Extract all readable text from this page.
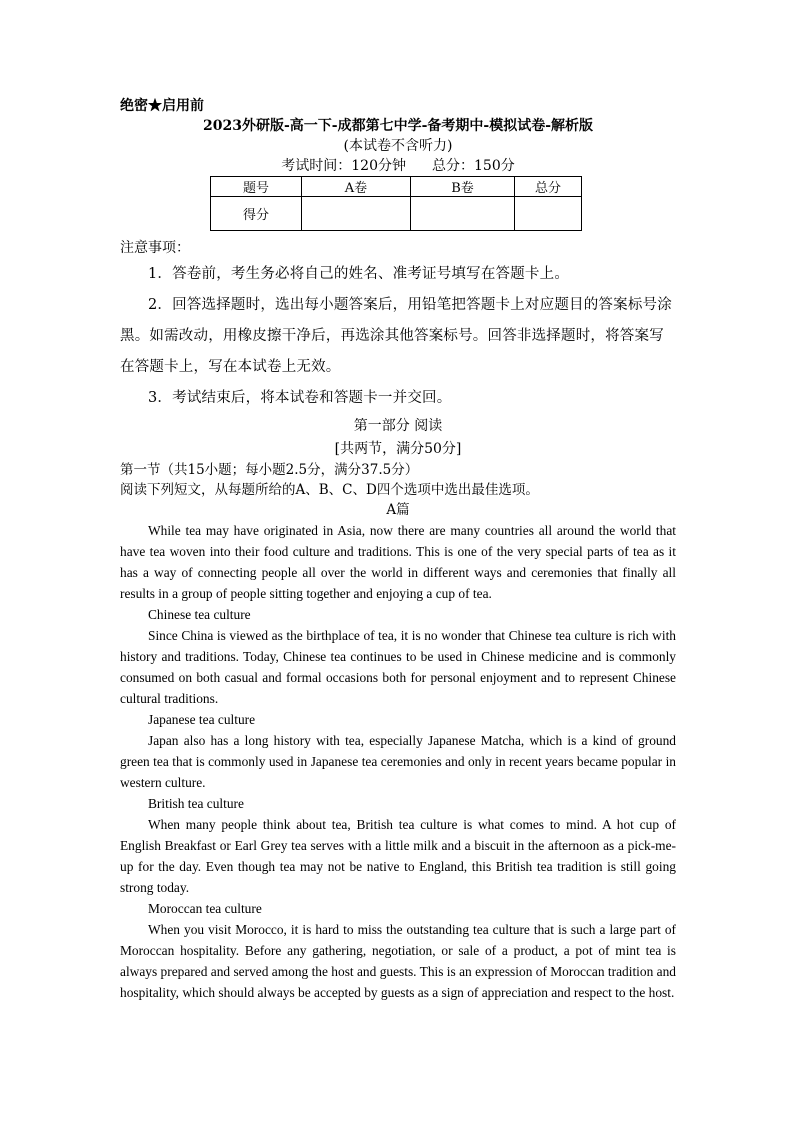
绝密★启用前
2023外研版-高一下-成都第七中学-备考期中-模拟试卷-解析版
(本试卷不含听力)
考试时间：120分钟 总分：150分
题号	A卷	B卷	总分
得分			
注意事项：
1．答卷前，考生务必将自己的姓名、准考证号填写在答题卡上。
2．回答选择题时，选出每小题答案后，用铅笔把答题卡上对应题目的答案标号涂黑。如需改动，用橡皮擦干净后，再选涂其他答案标号。回答非选择题时，将答案写在答题卡上，写在本试卷上无效。
3．考试结束后，将本试卷和答题卡一并交回。
第一部分 阅读
[共两节，满分50分]
第一节（共15小题；每小题2.5分，满分37.5分）
阅读下列短文，从每题所给的A、B、C、D四个选项中选出最佳选项。
A篇
While tea may have originated in Asia, now there are many countries all around the world that have tea woven into their food culture and traditions. This is one of the very special parts of tea as it has a way of connecting people all over the world in different ways and ceremonies that finally all results in a group of people sitting together and enjoying a cup of tea.
Chinese tea culture
Since China is viewed as the birthplace of tea, it is no wonder that Chinese tea culture is rich with history and traditions. Today, Chinese tea continues to be used in Chinese medicine and is commonly consumed on both casual and formal occasions both for personal enjoyment and to represent Chinese cultural traditions.
Japanese tea culture
Japan also has a long history with tea, especially Japanese Matcha, which is a kind of ground green tea that is commonly used in Japanese tea ceremonies and only in recent years became popular in western culture.
British tea culture
When many people think about tea, British tea culture is what comes to mind. A hot cup of English Breakfast or Earl Grey tea serves with a little milk and a biscuit in the afternoon as a pick-me-up for the day. Even though tea may not be native to England, this British tea tradition is still going strong today.
Moroccan tea culture
When you visit Morocco, it is hard to miss the outstanding tea culture that is such a large part of Moroccan hospitality. Before any gathering, negotiation, or sale of a product, a pot of mint tea is always prepared and served among the host and guests. This is an expression of Moroccan tradition and hospitality, which should always be accepted by guests as a sign of appreciation and respect to the host.
